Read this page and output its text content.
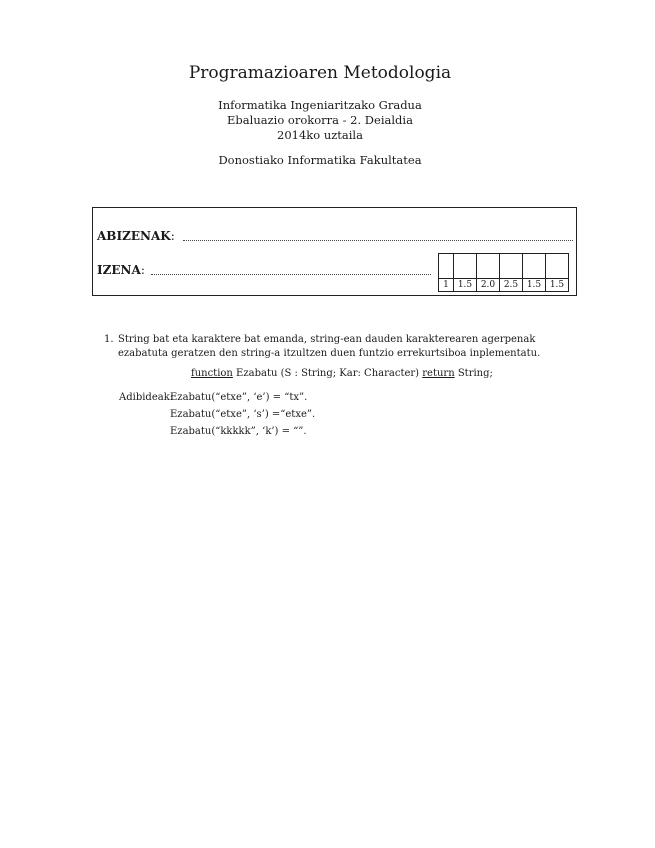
Programazioaren Metodologia
Informatika Ingeniaritzako Gradua
Ebaluazio orokorra - 2. Deialdia
2014ko uztaila
Donostiako Informatika Fakultatea
ABIZENAK:
IZENA:

1	1.5	2.0	2.5	1.5	1.5
1. String bat eta karaktere bat emanda, string-ean dauden karakterearen agerpenak ezabatuta geratzen den string-a itzultzen duen funtzio errekurtsiboa inplementatu.
function Ezabatu (S : String; Kar: Character) return String;
Adibideak:Ezabatu(“etxe”, ‘e’) = “tx”.
Ezabatu(“etxe”, ‘s’) =“etxe”.
Ezabatu(“kkkkk”, ‘k’) = “”.
